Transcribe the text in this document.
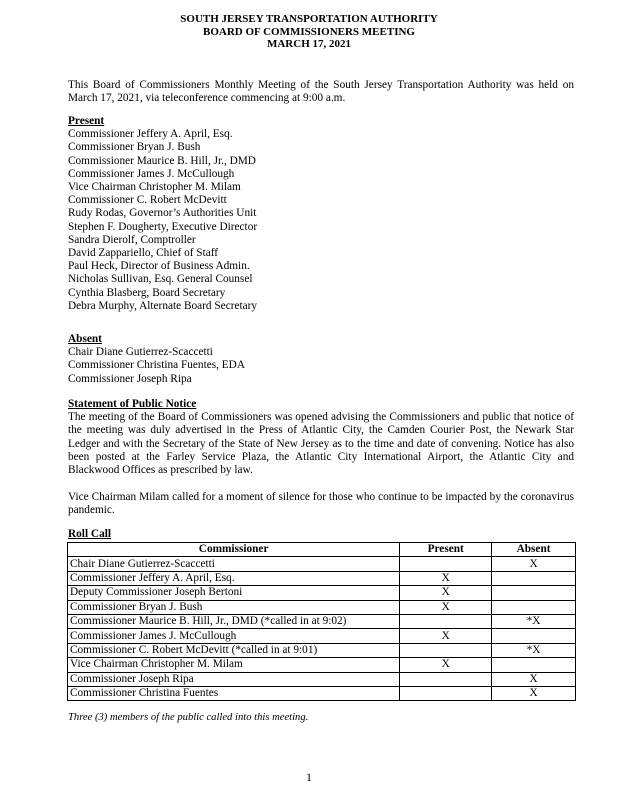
SOUTH JERSEY TRANSPORTATION AUTHORITY
BOARD OF COMMISSIONERS MEETING
MARCH 17, 2021
This Board of Commissioners Monthly Meeting of the South Jersey Transportation Authority was held on March 17, 2021, via teleconference commencing at 9:00 a.m.
Present
Commissioner Jeffery A. April, Esq.
Commissioner Bryan J. Bush
Commissioner Maurice B. Hill, Jr., DMD
Commissioner James J. McCullough
Vice Chairman Christopher M. Milam
Commissioner C. Robert McDevitt
Rudy Rodas, Governor’s Authorities Unit
Stephen F. Dougherty, Executive Director
Sandra Dierolf, Comptroller
David Zappariello, Chief of Staff
Paul Heck, Director of Business Admin.
Nicholas Sullivan, Esq. General Counsel
Cynthia Blasberg, Board Secretary
Debra Murphy, Alternate Board Secretary
Absent
Chair Diane Gutierrez-Scaccetti
Commissioner Christina Fuentes, EDA
Commissioner Joseph Ripa
Statement of Public Notice
The meeting of the Board of Commissioners was opened advising the Commissioners and public that notice of the meeting was duly advertised in the Press of Atlantic City, the Camden Courier Post, the Newark Star Ledger and with the Secretary of the State of New Jersey as to the time and date of convening. Notice has also been posted at the Farley Service Plaza, the Atlantic City International Airport, the Atlantic City and Blackwood Offices as prescribed by law.
Vice Chairman Milam called for a moment of silence for those who continue to be impacted by the coronavirus pandemic.
Roll Call
Commissioner	Present	Absent
Chair Diane Gutierrez-Scaccetti		X
Commissioner Jeffery A. April, Esq.	X	
Deputy Commissioner Joseph Bertoni	X	
Commissioner Bryan J. Bush	X	
Commissioner Maurice B. Hill, Jr., DMD (*called in at 9:02)		*X
Commissioner James J. McCullough	X	
Commissioner C. Robert McDevitt (*called in at 9:01)		*X
Vice Chairman Christopher M. Milam	X	
Commissioner Joseph Ripa		X
Commissioner Christina Fuentes		X
Three (3) members of the public called into this meeting.
1
